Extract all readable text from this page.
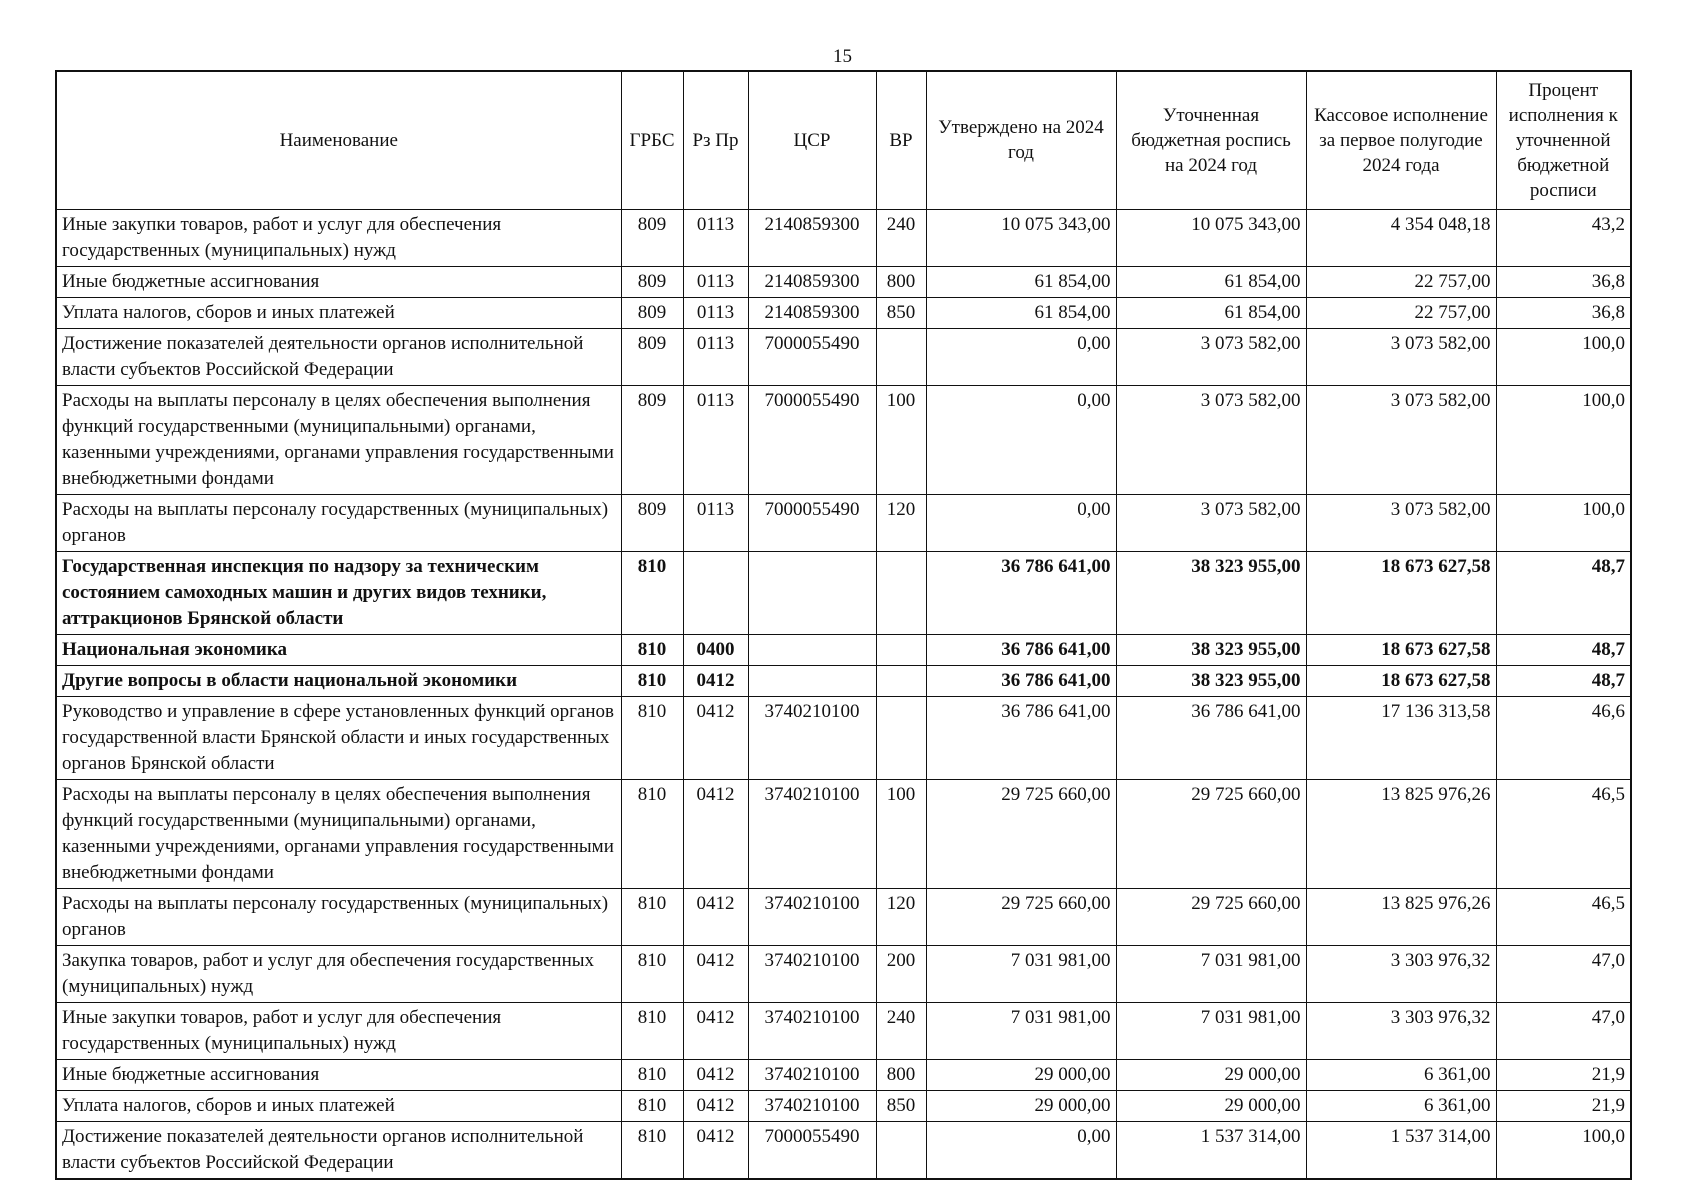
15
Наименование	ГРБС	Рз Пр	ЦСР	ВР	Утверждено на 2024 год	Уточненная бюджетная роспись на 2024 год	Кассовое исполнение за первое полугодие 2024 года	Процент исполнения к уточненной бюджетной росписи
Иные закупки товаров, работ и услуг для обеспечения государственных (муниципальных) нужд	809	0113	2140859300	240	10 075 343,00	10 075 343,00	4 354 048,18	43,2
Иные бюджетные ассигнования	809	0113	2140859300	800	61 854,00	61 854,00	22 757,00	36,8
Уплата налогов, сборов и иных платежей	809	0113	2140859300	850	61 854,00	61 854,00	22 757,00	36,8
Достижение показателей деятельности органов исполнительной власти субъектов Российской Федерации	809	0113	7000055490		0,00	3 073 582,00	3 073 582,00	100,0
Расходы на выплаты персоналу в целях обеспечения выполнения функций государственными (муниципальными) органами, казенными учреждениями, органами управления государственными внебюджетными фондами	809	0113	7000055490	100	0,00	3 073 582,00	3 073 582,00	100,0
Расходы на выплаты персоналу государственных (муниципальных) органов	809	0113	7000055490	120	0,00	3 073 582,00	3 073 582,00	100,0
Государственная инспекция по надзору за техническим состоянием самоходных машин и других видов техники, аттракционов Брянской области	810				36 786 641,00	38 323 955,00	18 673 627,58	48,7
Национальная экономика	810	0400			36 786 641,00	38 323 955,00	18 673 627,58	48,7
Другие вопросы в области национальной экономики	810	0412			36 786 641,00	38 323 955,00	18 673 627,58	48,7
Руководство и управление в сфере установленных функций органов государственной власти Брянской области и иных государственных органов Брянской области	810	0412	3740210100		36 786 641,00	36 786 641,00	17 136 313,58	46,6
Расходы на выплаты персоналу в целях обеспечения выполнения функций государственными (муниципальными) органами, казенными учреждениями, органами управления государственными внебюджетными фондами	810	0412	3740210100	100	29 725 660,00	29 725 660,00	13 825 976,26	46,5
Расходы на выплаты персоналу государственных (муниципальных) органов	810	0412	3740210100	120	29 725 660,00	29 725 660,00	13 825 976,26	46,5
Закупка товаров, работ и услуг для обеспечения государственных (муниципальных) нужд	810	0412	3740210100	200	7 031 981,00	7 031 981,00	3 303 976,32	47,0
Иные закупки товаров, работ и услуг для обеспечения государственных (муниципальных) нужд	810	0412	3740210100	240	7 031 981,00	7 031 981,00	3 303 976,32	47,0
Иные бюджетные ассигнования	810	0412	3740210100	800	29 000,00	29 000,00	6 361,00	21,9
Уплата налогов, сборов и иных платежей	810	0412	3740210100	850	29 000,00	29 000,00	6 361,00	21,9
Достижение показателей деятельности органов исполнительной власти субъектов Российской Федерации	810	0412	7000055490		0,00	1 537 314,00	1 537 314,00	100,0
